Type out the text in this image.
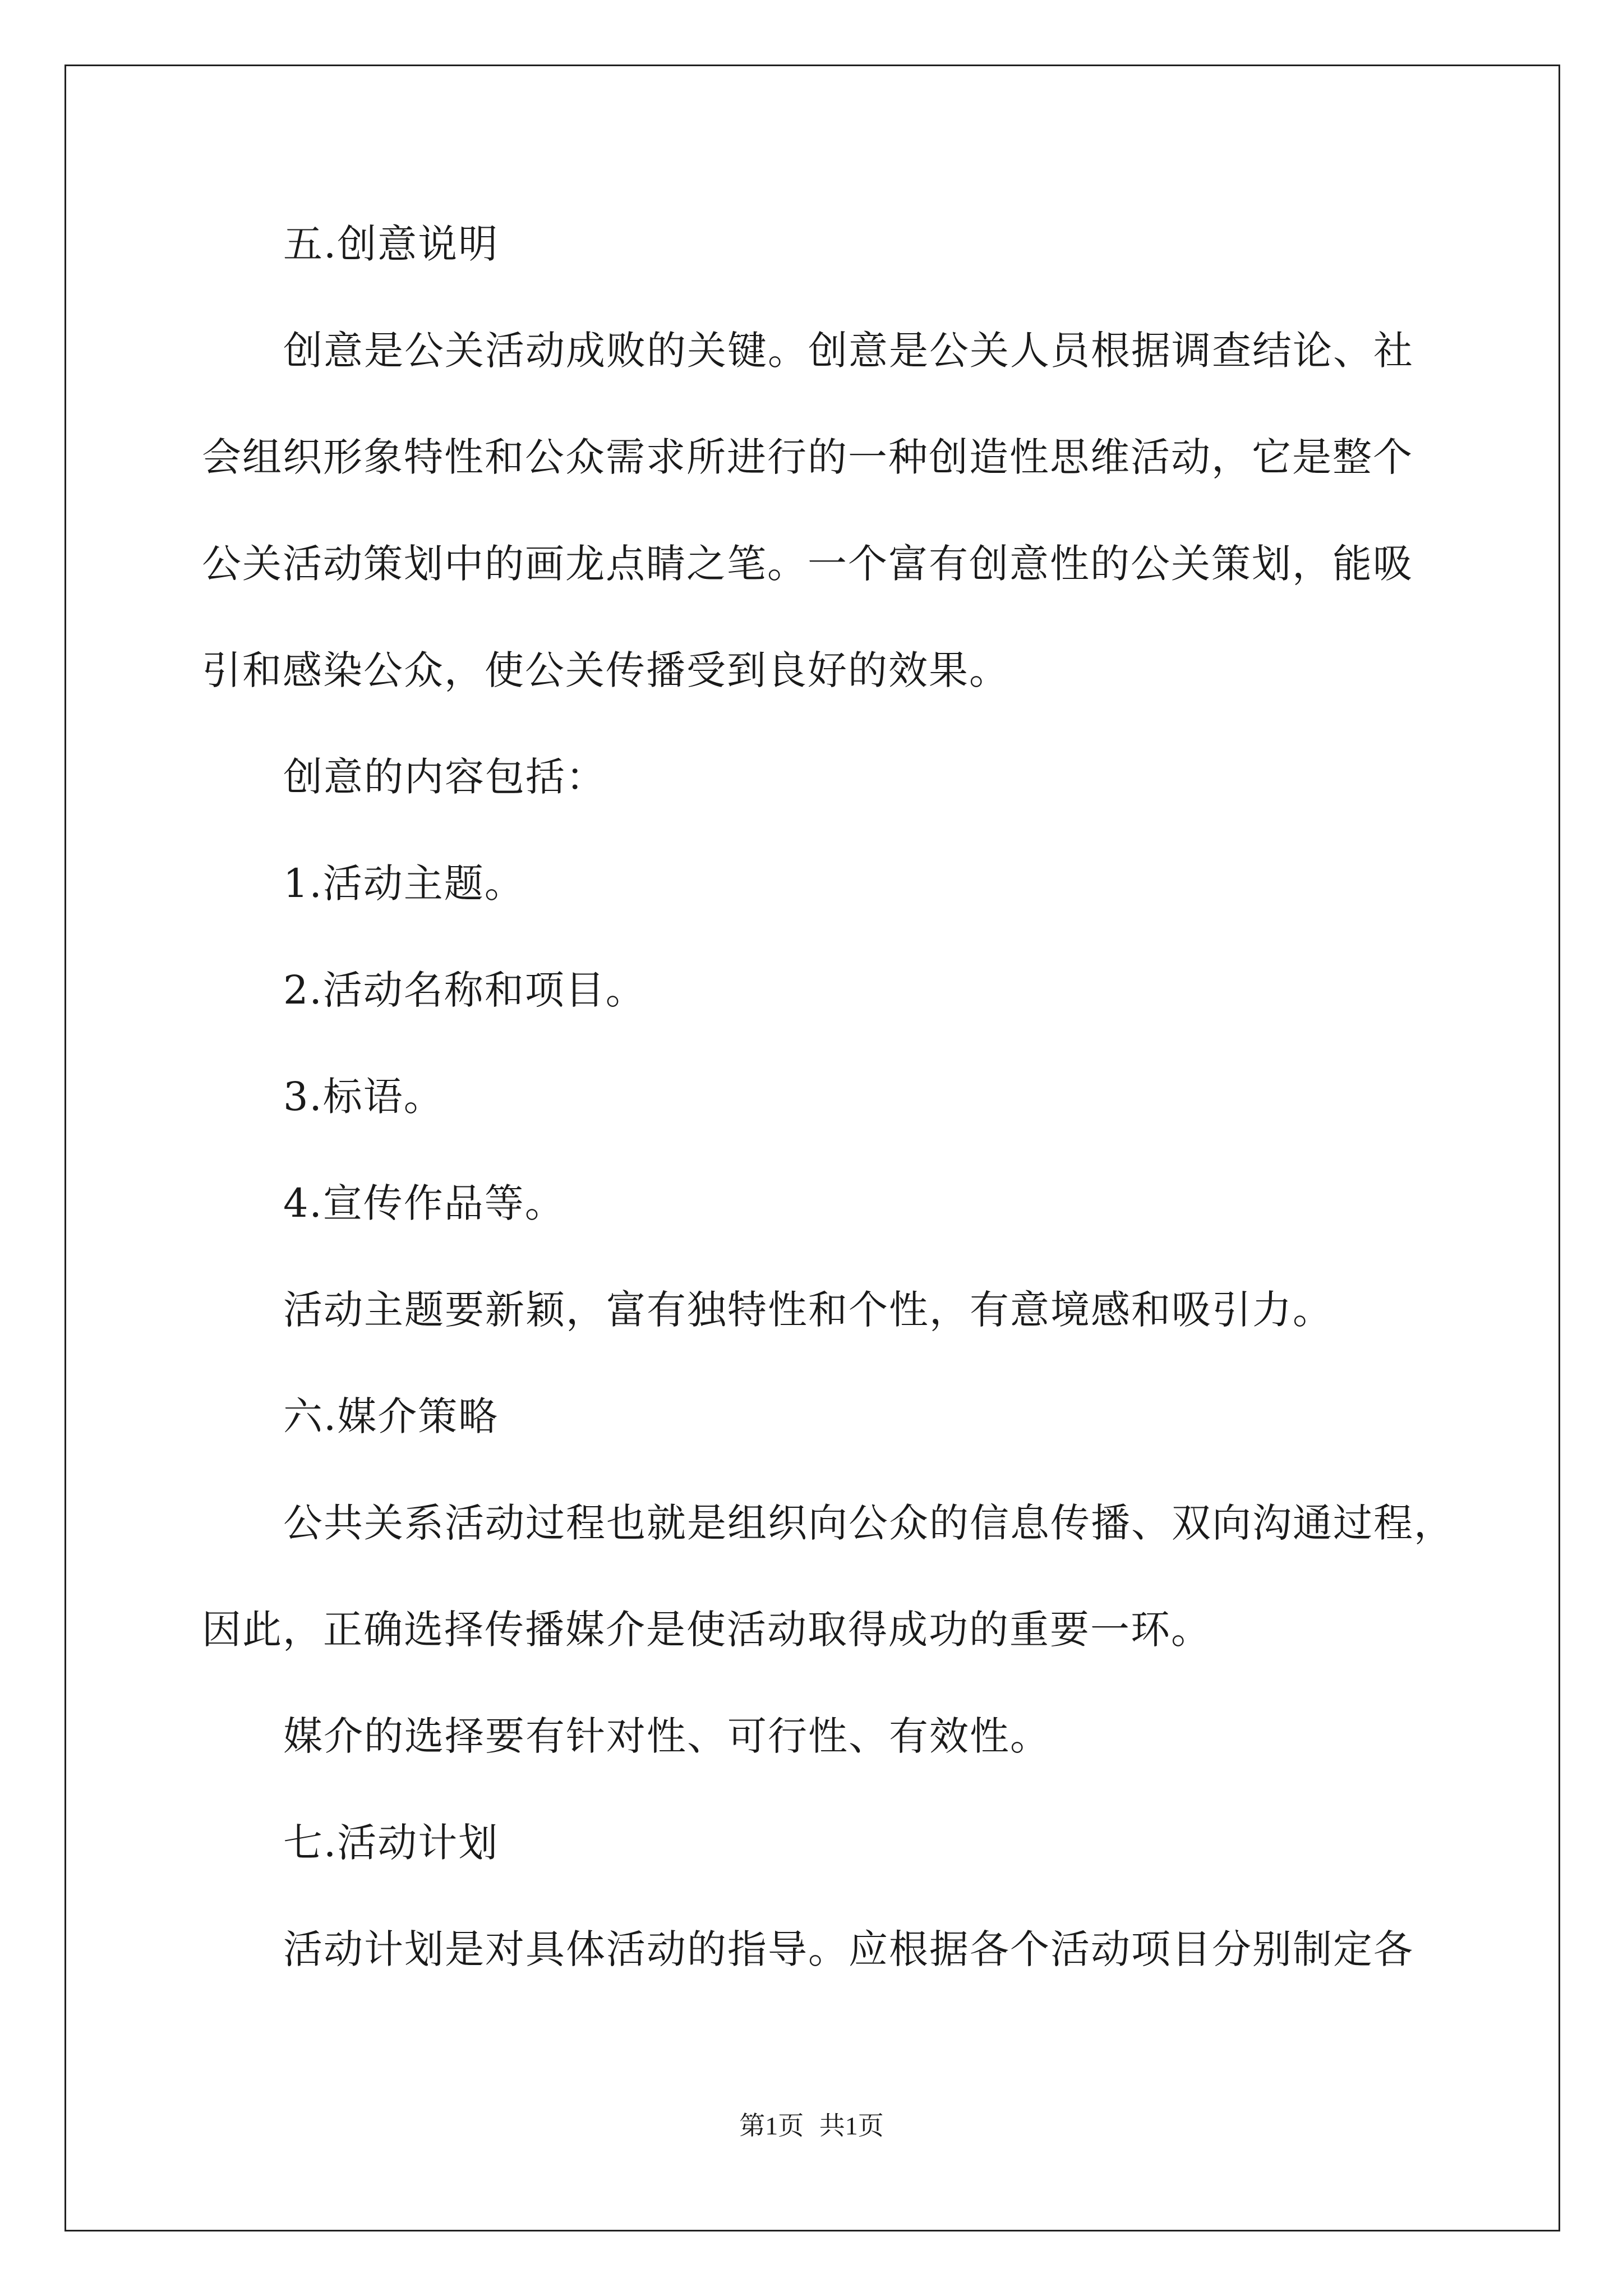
五.创意说明
创意是公关活动成败的关键。创意是公关人员根据调查结论、社
会组织形象特性和公众需求所进行的一种创造性思维活动，它是整个
公关活动策划中的画龙点睛之笔。一个富有创意性的公关策划，能吸
引和感染公众，使公关传播受到良好的效果。
创意的内容包括：
1.活动主题。
2.活动名称和项目。
3.标语。
4.宣传作品等。
活动主题要新颖，富有独特性和个性，有意境感和吸引力。
六.媒介策略
公共关系活动过程也就是组织向公众的信息传播、双向沟通过程，
因此，正确选择传播媒介是使活动取得成功的重要一环。
媒介的选择要有针对性、可行性、有效性。
七.活动计划
活动计划是对具体活动的指导。应根据各个活动项目分别制定各
第1页 共1页
